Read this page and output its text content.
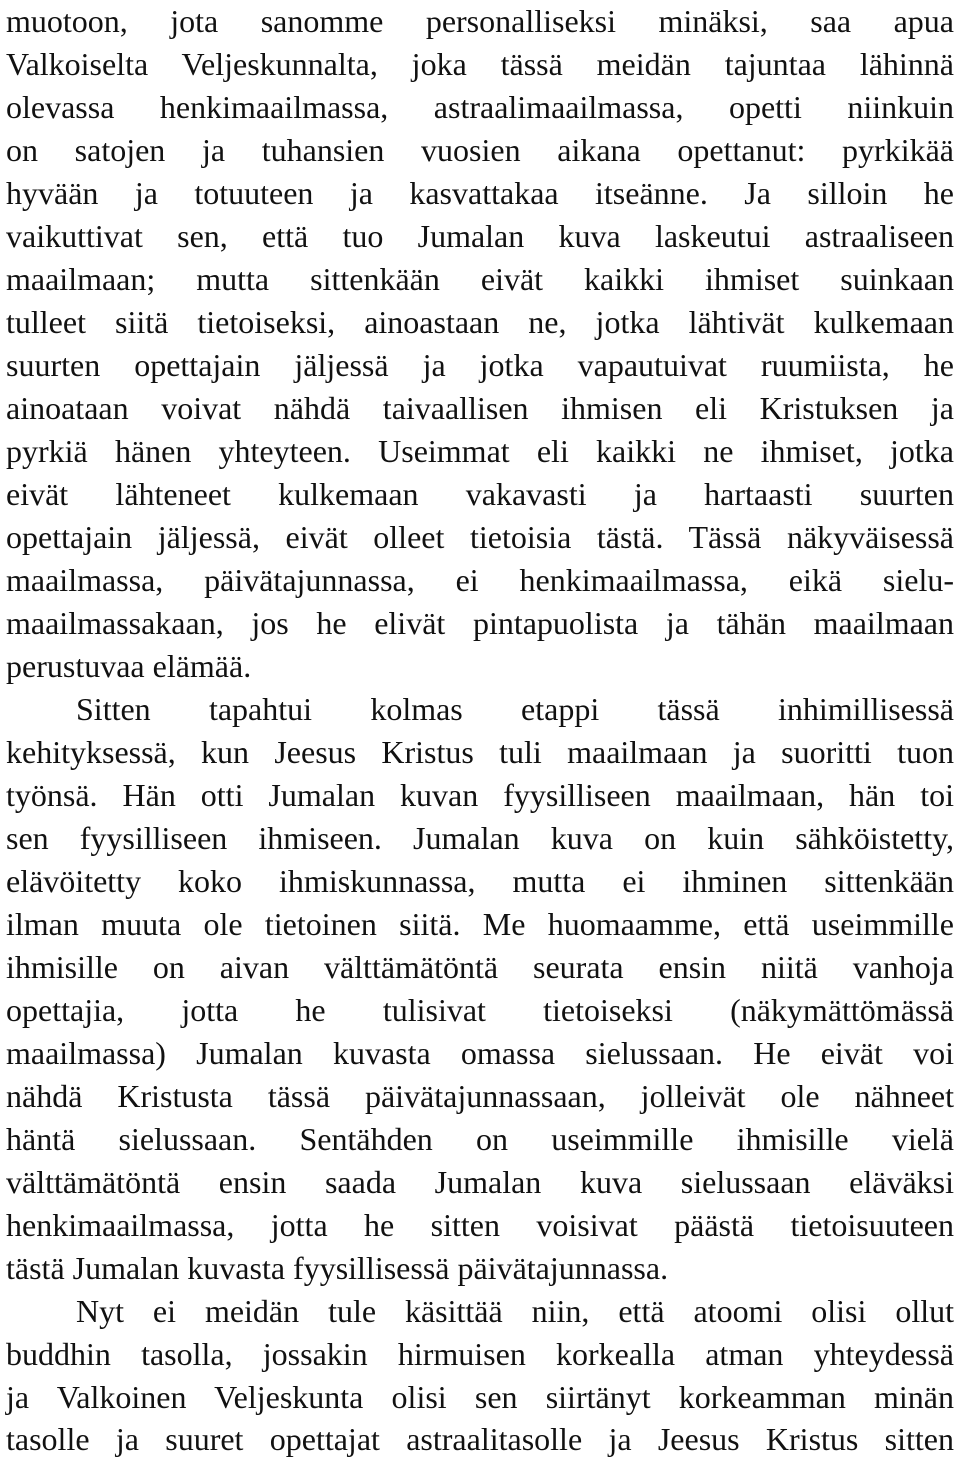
muotoon, jota sanomme personalliseksi minäksi, saa apua
Valkoiselta Veljeskunnalta, joka tässä meidän tajuntaa lähinnä
olevassa henkimaailmassa, astraalimaailmassa, opetti niinkuin
on satojen ja tuhansien vuosien aikana opettanut: pyrkikää
hyvään ja totuuteen ja kasvattakaa itseänne. Ja silloin he
vaikuttivat sen, että tuo Jumalan kuva laskeutui astraaliseen
maailmaan; mutta sittenkään eivät kaikki ihmiset suinkaan
tulleet siitä tietoiseksi, ainoastaan ne, jotka lähtivät kulkemaan
suurten opettajain jäljessä ja jotka vapautuivat ruumiista, he
ainoataan voivat nähdä taivaallisen ihmisen eli Kristuksen ja
pyrkiä hänen yhteyteen. Useimmat eli kaikki ne ihmiset, jotka
eivät lähteneet kulkemaan vakavasti ja hartaasti suurten
opettajain jäljessä, eivät olleet tietoisia tästä. Tässä näkyväisessä
maailmassa, päivätajunnassa, ei henkimaailmassa, eikä sielu-
maailmassakaan, jos he elivät pintapuolista ja tähän maailmaan
perustuvaa elämää.
Sitten tapahtui kolmas etappi tässä inhimillisessä
kehityksessä, kun Jeesus Kristus tuli maailmaan ja suoritti tuon
työnsä. Hän otti Jumalan kuvan fyysilliseen maailmaan, hän toi
sen fyysilliseen ihmiseen. Jumalan kuva on kuin sähköistetty,
elävöitetty koko ihmiskunnassa, mutta ei ihminen sittenkään
ilman muuta ole tietoinen siitä. Me huomaamme, että useimmille
ihmisille on aivan välttämätöntä seurata ensin niitä vanhoja
opettajia, jotta he tulisivat tietoiseksi (näkymättömässä
maailmassa) Jumalan kuvasta omassa sielussaan. He eivät voi
nähdä Kristusta tässä päivätajunnassaan, jolleivät ole nähneet
häntä sielussaan. Sentähden on useimmille ihmisille vielä
välttämätöntä ensin saada Jumalan kuva sielussaan eläväksi
henkimaailmassa, jotta he sitten voisivat päästä tietoisuuteen
tästä Jumalan kuvasta fyysillisessä päivätajunnassa.
Nyt ei meidän tule käsittää niin, että atoomi olisi ollut
buddhin tasolla, jossakin hirmuisen korkealla atman yhteydessä
ja Valkoinen Veljeskunta olisi sen siirtänyt korkeamman minän
tasolle ja suuret opettajat astraalitasolle ja Jeesus Kristus sitten
